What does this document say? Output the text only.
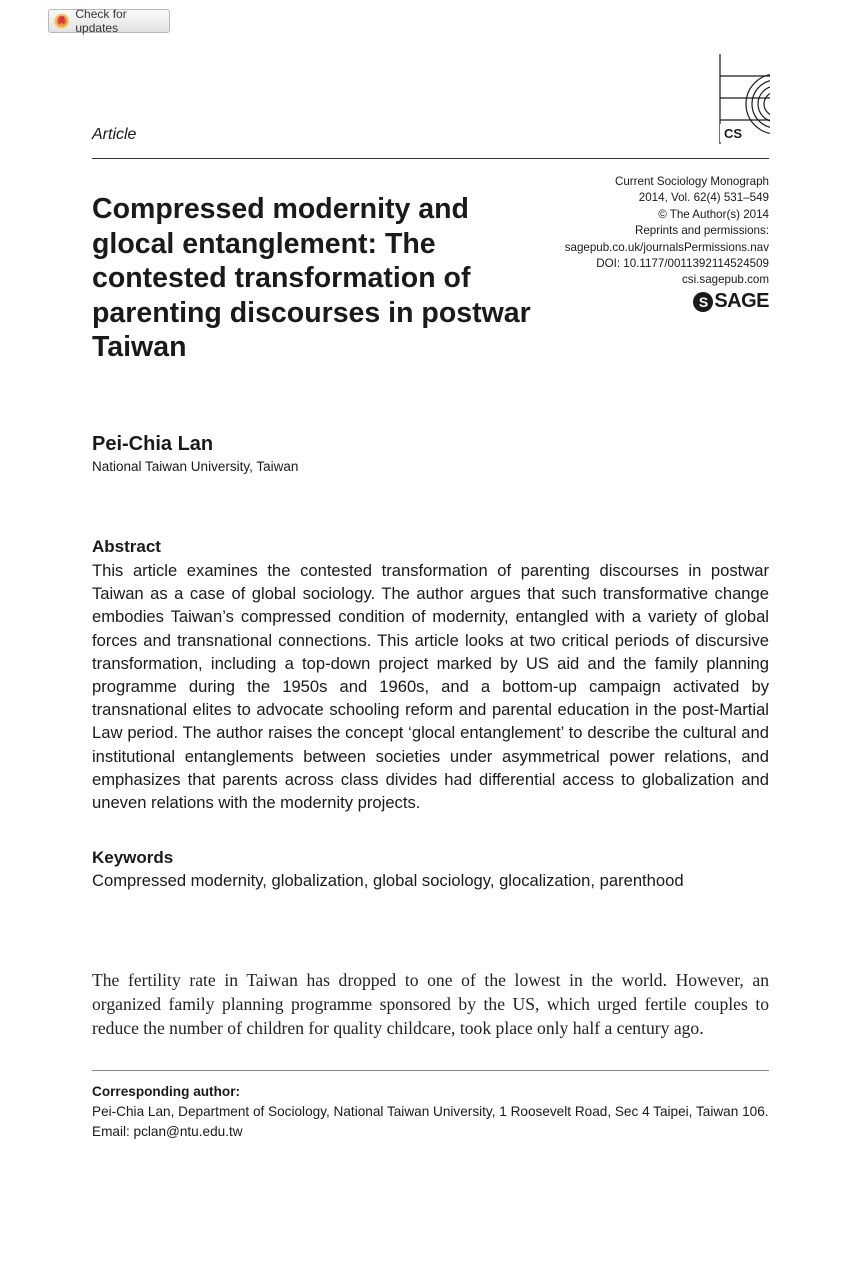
Check for updates
CS
Article
Current Sociology Monograph
2014, Vol. 62(4) 531–549
© The Author(s) 2014
Reprints and permissions:
sagepub.co.uk/journalsPermissions.nav
DOI: 10.1177/0011392114524509
csi.sagepub.com
S SAGE
Compressed modernity and glocal entanglement: The contested transformation of parenting discourses in postwar Taiwan
Pei-Chia Lan
National Taiwan University, Taiwan
Abstract

This article examines the contested transformation of parenting discourses in postwar Taiwan as a case of global sociology. The author argues that such transformative change embodies Taiwan’s compressed condition of modernity, entangled with a variety of global forces and transnational connections. This article looks at two critical periods of discursive transformation, including a top-down project marked by US aid and the family planning programme during the 1950s and 1960s, and a bottom-up campaign activated by transnational elites to advocate schooling reform and parental education in the post-Martial Law period. The author raises the concept ‘glocal entanglement’ to describe the cultural and institutional entanglements between societies under asymmetrical power relations, and emphasizes that parents across class divides had differential access to globalization and uneven relations with the modernity projects.

Keywords
Compressed modernity, globalization, global sociology, glocalization, parenthood

The fertility rate in Taiwan has dropped to one of the lowest in the world. However, an organized family planning programme sponsored by the US, which urged fertile couples to reduce the number of children for quality childcare, took place only half a century ago.

Corresponding author:
Pei-Chia Lan, Department of Sociology, National Taiwan University, 1 Roosevelt Road, Sec 4 Taipei, Taiwan 106.
Email: pclan@ntu.edu.tw
